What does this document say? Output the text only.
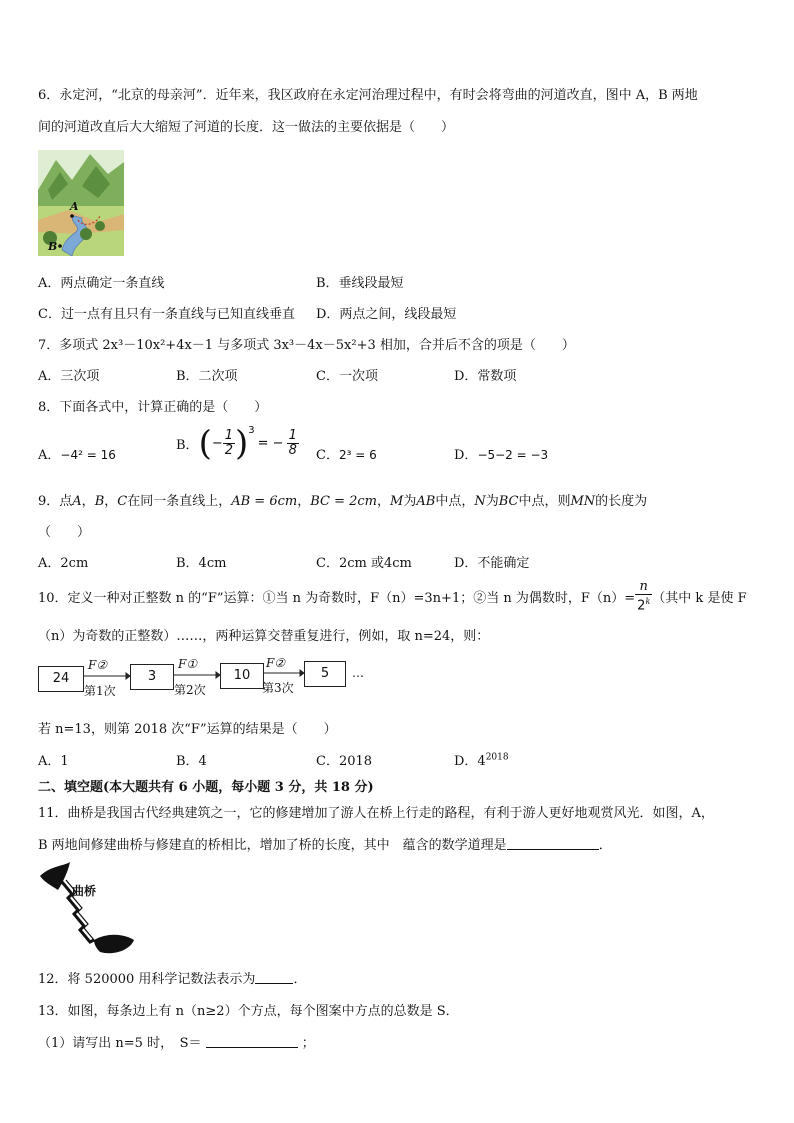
6．永定河，“北京的母亲河”．近年来，我区政府在永定河治理过程中，有时会将弯曲的河道改直，图中 A，B 两地
间的河道改直后大大缩短了河道的长度．这一做法的主要依据是（　　）
A
B
A．两点确定一条直线	B．垂线段最短
C．过一点有且只有一条直线与已知直线垂直 D．两点之间，线段最短
7．多项式 2x³－10x²+4x－1 与多项式 3x³－4x－5x²+3 相加，合并后不含的项是（　　）
A．三次项	B．二次项	C．一次项	D．常数项
8．下面各式中，计算正确的是（　　）
A．−4² = 16
B．(− $\frac{1}{2} )^3= - \frac{1}{8}$ C．2³ = 6	D．−5−2 = −3
9．点A，B，C在同一条直线上，AB = 6cm，BC = 2cm，M为AB中点，N为BC中点，则MN的长度为
（　　）
A．2cm	B．4cm	C．2cm 或4cm	D．不能确定
10．定义一种对正整数 n 的“F”运算：①当 n 为奇数时，F（n）=3n+1；②当 n 为偶数时，$F(n)= \frac{n}{2^k}$ （其中 k 是使 F
（n）为奇数的正整数）……，两种运算交替重复进行，例如，取 n=24，则：
24	3	10	5	…
F②
第1次
F①
第2次
F②
第3次
若 n=13，则第 2018 次“F”运算的结果是（　　）
A．1	B．4	C．2018	D．$4^{2018}$
二、填空题(本大题共有 6 小题，每小题 3 分，共 18 分)
11．曲桥是我国古代经典建筑之一，它的修建增加了游人在桥上行走的路程，有利于游人更好地观赏风光．如图，A，
B 两地间修建曲桥与修建直的桥相比，增加了桥的长度，其中　蕴含的数学道理是	．
曲桥
12．将 520000 用科学记数法表示为	．
13．如图，每条边上有 n（n≥2）个方点，每个图案中方点的总数是 S．
（1）请写出 n=5 时，　S＝	；
